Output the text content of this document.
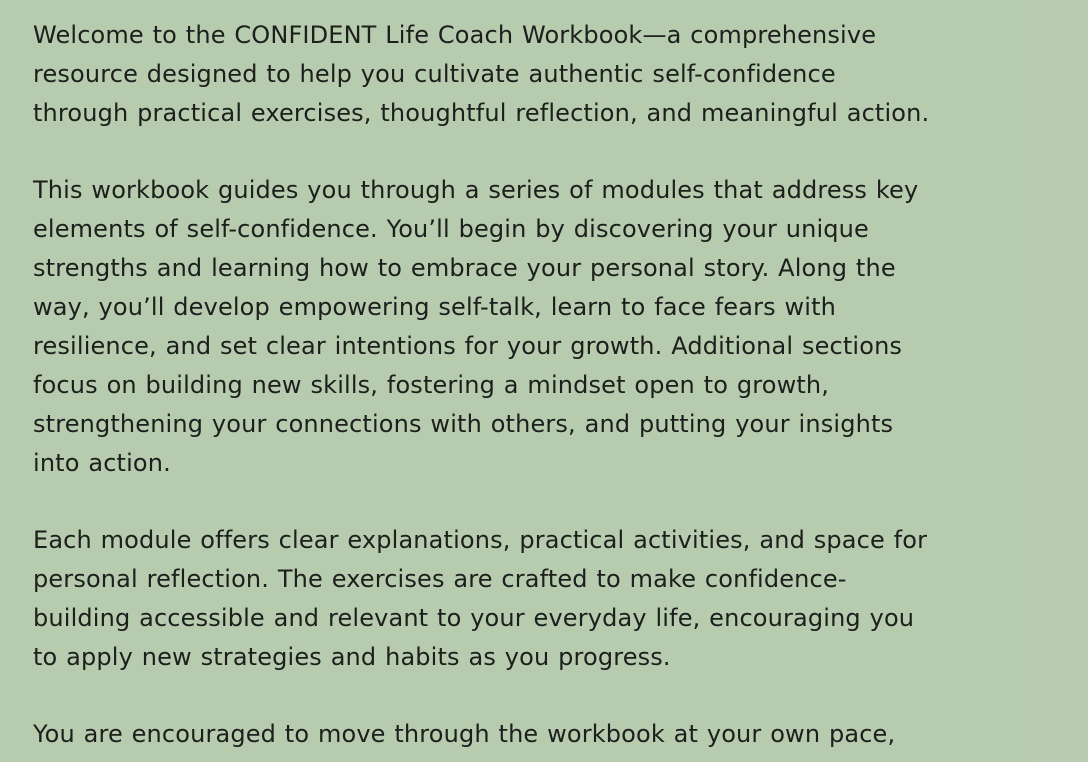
Welcome to the CONFIDENT Life Coach Workbook—a comprehensive
resource designed to help you cultivate authentic self-confidence
through practical exercises, thoughtful reflection, and meaningful action.

This workbook guides you through a series of modules that address key
elements of self-confidence. You’ll begin by discovering your unique
strengths and learning how to embrace your personal story. Along the
way, you’ll develop empowering self-talk, learn to face fears with
resilience, and set clear intentions for your growth. Additional sections
focus on building new skills, fostering a mindset open to growth,
strengthening your connections with others, and putting your insights
into action.

Each module offers clear explanations, practical activities, and space for
personal reflection. The exercises are crafted to make confidence-
building accessible and relevant to your everyday life, encouraging you
to apply new strategies and habits as you progress.

You are encouraged to move through the workbook at your own pace,
